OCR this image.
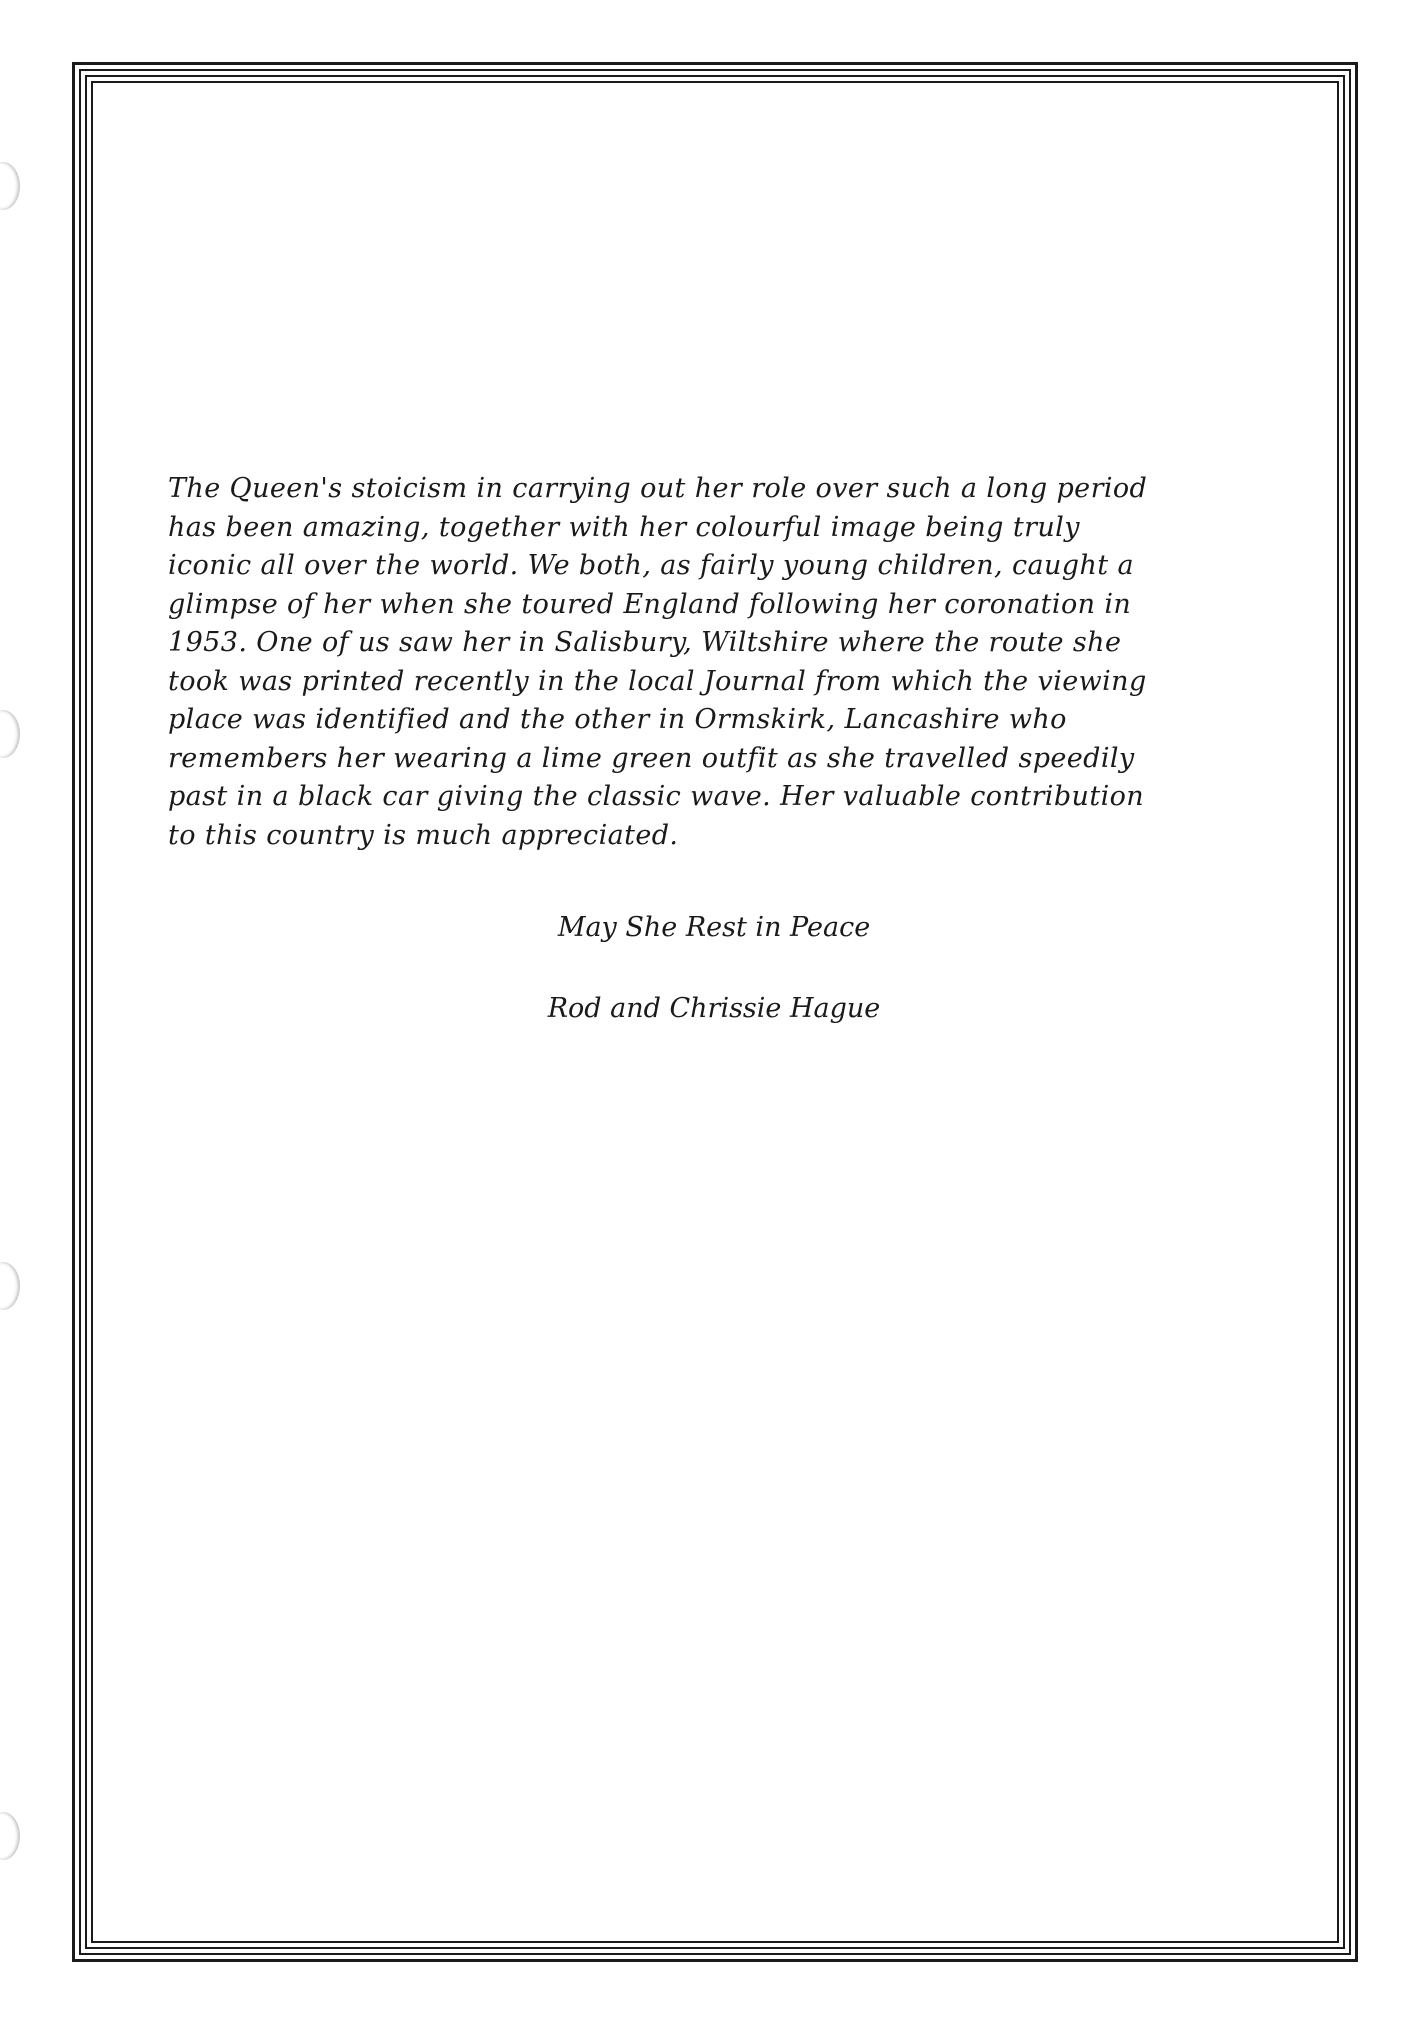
The Queen's stoicism in carrying out her role over such a long period
has been amazing, together with her colourful image being truly
iconic all over the world. We both, as fairly young children, caught a
glimpse of her when she toured England following her coronation in
1953. One of us saw her in Salisbury, Wiltshire where the route she
took was printed recently in the local Journal from which the viewing
place was identified and the other in Ormskirk, Lancashire who
remembers her wearing a lime green outfit as she travelled speedily
past in a black car giving the classic wave. Her valuable contribution
to this country is much appreciated.

May She Rest in Peace
Rod and Chrissie Hague
